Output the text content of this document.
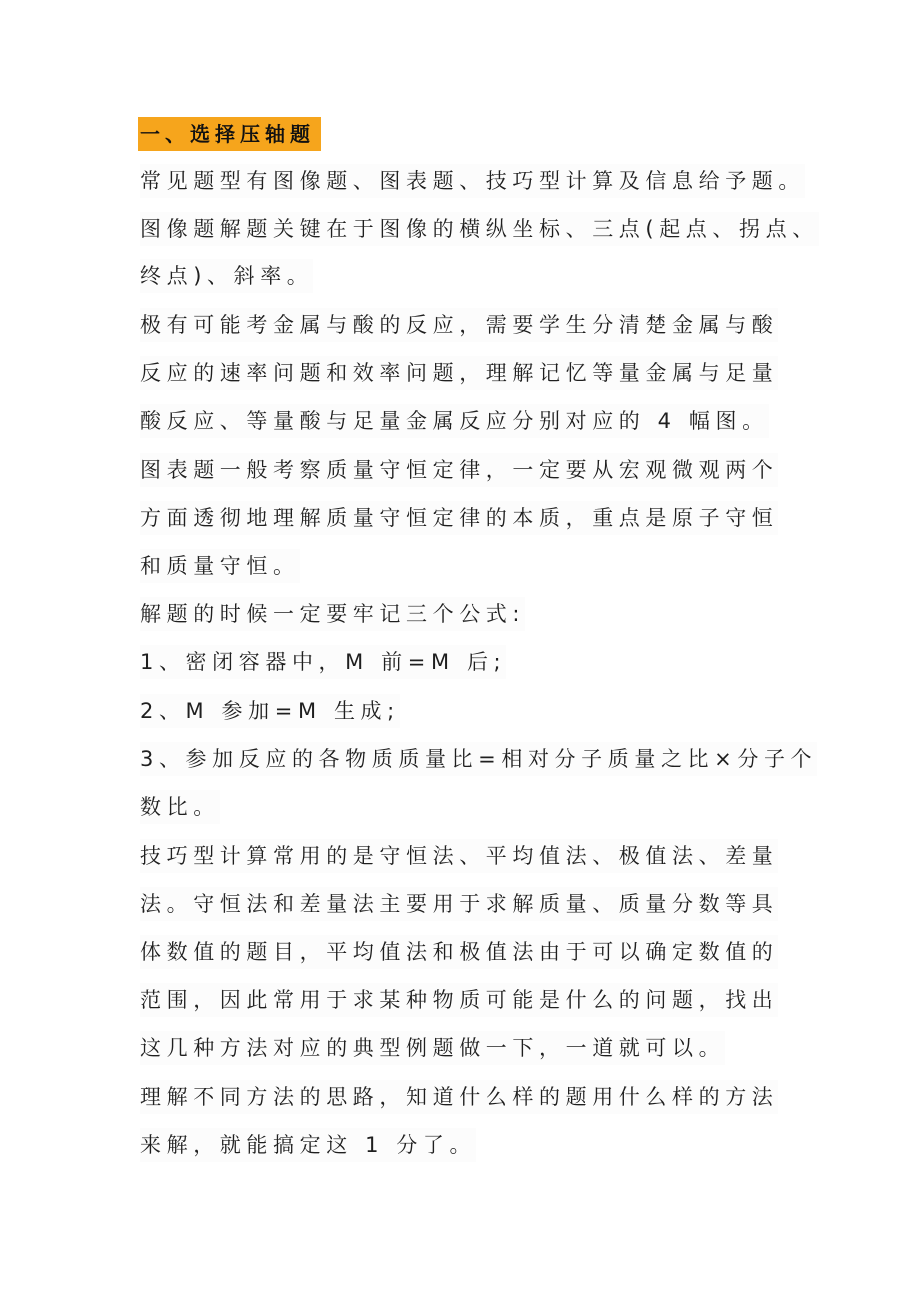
一、选择压轴题
常见题型有图像题、图表题、技巧型计算及信息给予题。
图像题解题关键在于图像的横纵坐标、三点(起点、拐点、
终点)、斜率。
极有可能考金属与酸的反应，需要学生分清楚金属与酸
反应的速率问题和效率问题，理解记忆等量金属与足量
酸反应、等量酸与足量金属反应分别对应的 4 幅图。
图表题一般考察质量守恒定律，一定要从宏观微观两个
方面透彻地理解质量守恒定律的本质，重点是原子守恒
和质量守恒。
解题的时候一定要牢记三个公式:
1、密闭容器中，M 前=M 后;
2、M 参加=M 生成;
3、参加反应的各物质质量比=相对分子质量之比×分子个
数比。
技巧型计算常用的是守恒法、平均值法、极值法、差量
法。守恒法和差量法主要用于求解质量、质量分数等具
体数值的题目，平均值法和极值法由于可以确定数值的
范围，因此常用于求某种物质可能是什么的问题，找出
这几种方法对应的典型例题做一下，一道就可以。
理解不同方法的思路，知道什么样的题用什么样的方法
来解，就能搞定这 1 分了。
